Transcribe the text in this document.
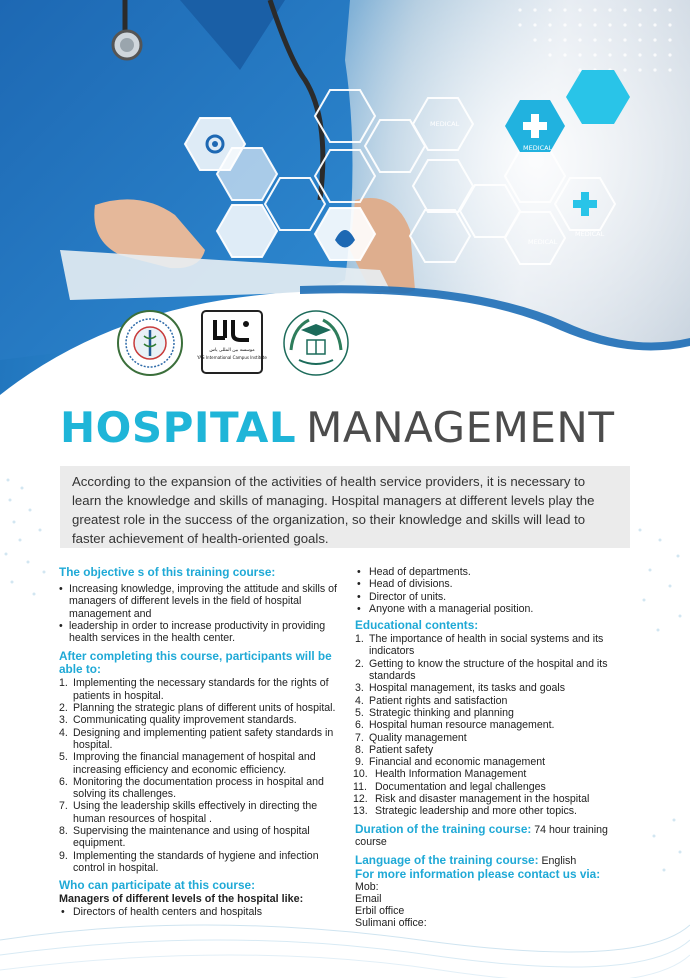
MEDICAL
MEDICAL
MEDICAL
MEDICAL
موسسه بین المللی یاس
YAS International Campus Institute
HOSPITAL MANAGEMENT
According to the expansion of the activities of health service providers, it is necessary to learn the knowledge and skills of managing. Hospital managers at different levels play the greatest role in the success of the organization, so their knowledge and skills will lead to faster achievement of health-oriented goals.
The objective s of this training course:
• Increasing knowledge, improving the attitude and skills of managers of different levels in the field of hospital management and
• leadership in order to increase productivity in providing health services in the health center.
After completing this course, participants will be able to:
1. Implementing the necessary standards for the rights of patients in hospital.
2. Planning the strategic plans of different units of hospital.
3. Communicating quality improvement standards.
4. Designing and implementing patient safety standards in hospital.
5. Improving the financial management of hospital and increasing efficiency and economic efficiency.
6. Monitoring the documentation process in hospital and solving its challenges.
7. Using the leadership skills effectively in directing the human resources of hospital .
8. Supervising the maintenance and using of hospital equipment.
9. Implementing the standards of hygiene and infection control in hospital.
Who can participate at this course:
Managers of different levels of the hospital like:
• Directors of health centers and hospitals
• Head of departments.
• Head of divisions.
• Director of units.
• Anyone with a managerial position.
Educational contents:
1. The importance of health in social systems and its indicators
2. Getting to know the structure of the hospital and its standards
3. Hospital management, its tasks and goals
4. Patient rights and satisfaction
5. Strategic thinking and planning
6. Hospital human resource management.
7. Quality management
8. Patient safety
9. Financial and economic management
10. Health Information Management
11. Documentation and legal challenges
12. Risk and disaster management in the hospital
13. Strategic leadership and more other topics.
Duration of the training course: 74 hour training course
Language of the training course: English
For more information please contact us via:
Mob:
Email
Erbil office
Sulimani office:
